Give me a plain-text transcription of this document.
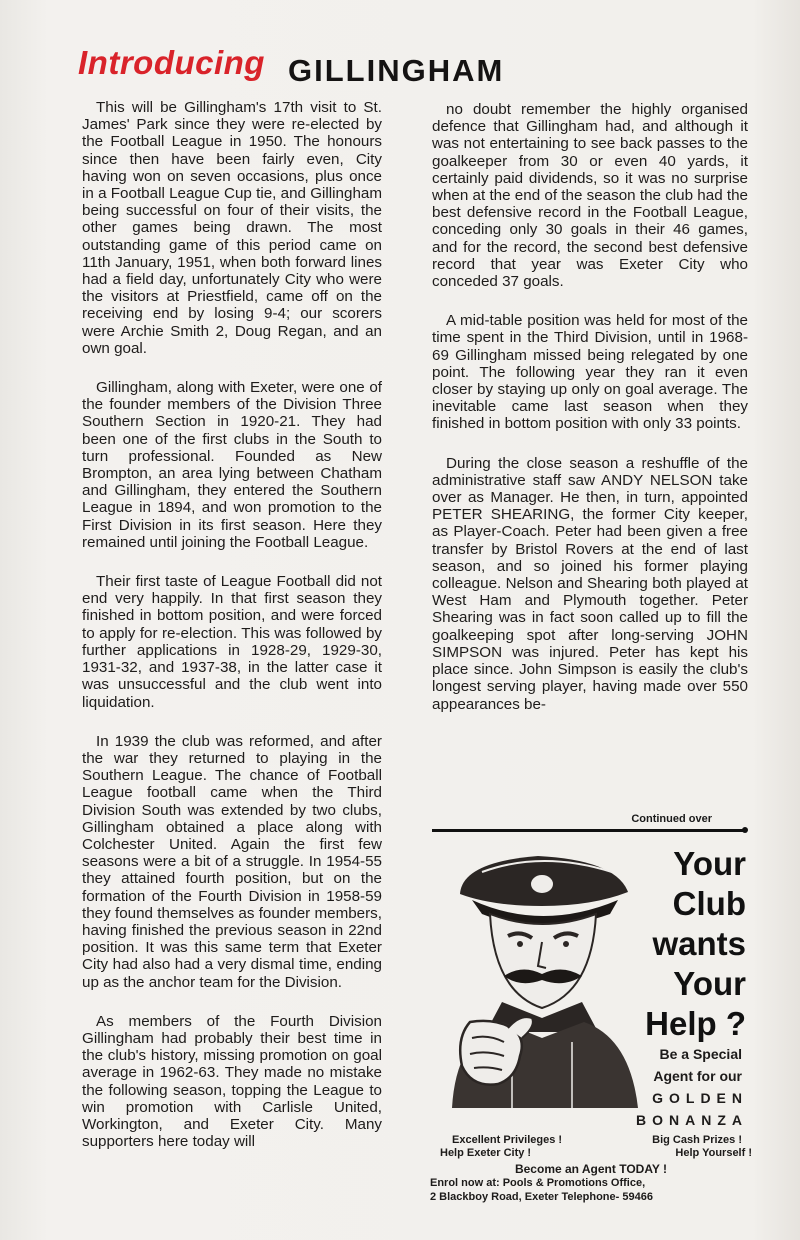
Introducing GILLINGHAM

This will be Gillingham's 17th visit to St. James' Park since they were re-elected by the Football League in 1950. The honours since then have been fairly even, City having won on seven occasions, plus once in a Football League Cup tie, and Gillingham being successful on four of their visits, the other games being drawn. The most outstanding game of this period came on 11th January, 1951, when both forward lines had a field day, unfortunately City who were the visitors at Priestfield, came off on the receiving end by losing 9-4; our scorers were Archie Smith 2, Doug Regan, and an own goal.

Gillingham, along with Exeter, were one of the founder members of the Division Three Southern Section in 1920-21. They had been one of the first clubs in the South to turn professional. Founded as New Brompton, an area lying between Chatham and Gillingham, they entered the Southern League in 1894, and won promotion to the First Division in its first season. Here they remained until joining the Football League.

Their first taste of League Football did not end very happily. In that first season they finished in bottom position, and were forced to apply for re-election. This was followed by further applications in 1928-29, 1929-30, 1931-32, and 1937-38, in the latter case it was unsuccessful and the club went into liquidation.

In 1939 the club was reformed, and after the war they returned to playing in the Southern League. The chance of Football League football came when the Third Division South was extended by two clubs, Gillingham obtained a place along with Colchester United. Again the first few seasons were a bit of a struggle. In 1954-55 they attained fourth position, but on the formation of the Fourth Division in 1958-59 they found themselves as founder members, having finished the previous season in 22nd position. It was this same term that Exeter City had also had a very dismal time, ending up as the anchor team for the Division.

As members of the Fourth Division Gillingham had probably their best time in the club's history, missing promotion on goal average in 1962-63. They made no mistake the following season, topping the League to win promotion with Carlisle United, Workington, and Exeter City. Many supporters here today will

no doubt remember the highly organised defence that Gillingham had, and although it was not entertaining to see back passes to the goalkeeper from 30 or even 40 yards, it certainly paid dividends, so it was no surprise when at the end of the season the club had the best defensive record in the Football League, conceding only 30 goals in their 46 games, and for the record, the second best defensive record that year was Exeter City who conceded 37 goals.

A mid-table position was held for most of the time spent in the Third Division, until in 1968-69 Gillingham missed being relegated by one point. The following year they ran it even closer by staying up only on goal average. The inevitable came last season when they finished in bottom position with only 33 points.

During the close season a reshuffle of the administrative staff saw ANDY NELSON take over as Manager. He then, in turn, appointed PETER SHEARING, the former City keeper, as Player-Coach. Peter had been given a free transfer by Bristol Rovers at the end of last season, and so joined his former playing colleague. Nelson and Shearing both played at West Ham and Plymouth together. Peter Shearing was in fact soon called up to fill the goalkeeping spot after long-serving JOHN SIMPSON was injured. Peter has kept his place since. John Simpson is easily the club's longest serving player, having made over 550 appearances be-

Continued over
Your
Club
wants
Your
Help ?
Be a Special
Agent for our
GOLDEN
BONANZA
Excellent Privileges !	Big Cash Prizes !
Help Exeter City !	Help Yourself !
Become an Agent TODAY !
Enrol now at: Pools & Promotions Office,
2 Blackboy Road, Exeter Telephone- 59466
